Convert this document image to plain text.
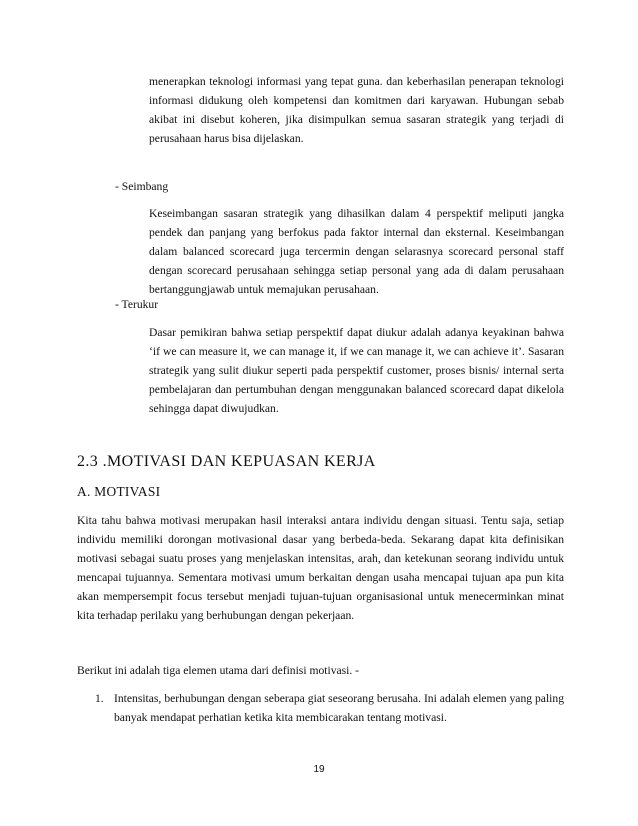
menerapkan teknologi informasi yang tepat guna. dan keberhasilan penerapan teknologi informasi didukung oleh kompetensi dan komitmen dari karyawan. Hubungan sebab akibat ini disebut koheren, jika disimpulkan semua sasaran strategik yang terjadi di perusahaan harus bisa dijelaskan.

- Seimbang

Keseimbangan sasaran strategik yang dihasilkan dalam 4 perspektif meliputi jangka pendek dan panjang yang berfokus pada faktor internal dan eksternal. Keseimbangan dalam balanced scorecard juga tercermin dengan selarasnya scorecard personal staff dengan scorecard perusahaan sehingga setiap personal yang ada di dalam perusahaan bertanggungjawab untuk memajukan perusahaan.

- Terukur

Dasar pemikiran bahwa setiap perspektif dapat diukur adalah adanya keyakinan bahwa ‘if we can measure it, we can manage it, if we can manage it, we can achieve it’. Sasaran strategik yang sulit diukur seperti pada perspektif customer, proses bisnis/ internal serta pembelajaran dan pertumbuhan dengan menggunakan balanced scorecard dapat dikelola sehingga dapat diwujudkan.

2.3 .MOTIVASI DAN KEPUASAN KERJA
A. MOTIVASI

Kita tahu bahwa motivasi merupakan hasil interaksi antara individu dengan situasi. Tentu saja, setiap individu memiliki dorongan motivasional dasar yang berbeda-beda. Sekarang dapat kita definisikan motivasi sebagai suatu proses yang menjelaskan intensitas, arah, dan ketekunan seorang individu untuk mencapai tujuannya. Sementara motivasi umum berkaitan dengan usaha mencapai tujuan apa pun kita akan mempersempit focus tersebut menjadi tujuan-tujuan organisasional untuk menecerminkan minat kita terhadap perilaku yang berhubungan dengan pekerjaan.

Berikut ini adalah tiga elemen utama dari definisi motivasi. -

1. Intensitas, berhubungan dengan seberapa giat seseorang berusaha. Ini adalah elemen yang paling banyak mendapat perhatian ketika kita membicarakan tentang motivasi.

19
